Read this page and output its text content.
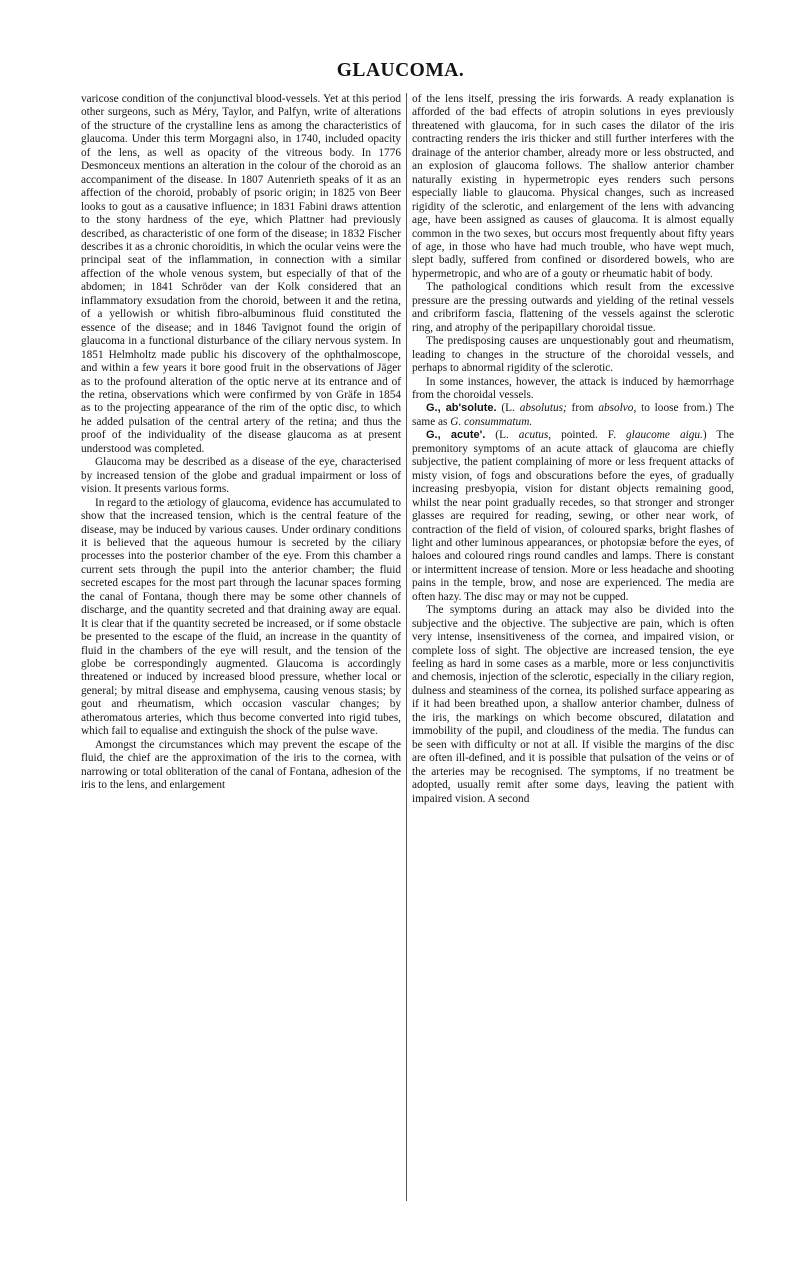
GLAUCOMA.

varicose condition of the conjunctival blood-vessels. Yet at this period other surgeons, such as Méry, Taylor, and Palfyn, write of alterations of the structure of the crystalline lens as among the characteristics of glaucoma. Under this term Morgagni also, in 1740, included opacity of the lens, as well as opacity of the vitreous body. In 1776 Desmonceux mentions an alteration in the colour of the choroid as an accompaniment of the disease. In 1807 Autenrieth speaks of it as an affection of the choroid, probably of psoric origin; in 1825 von Beer looks to gout as a causative influence; in 1831 Fabini draws attention to the stony hardness of the eye, which Plattner had previously described, as characteristic of one form of the disease; in 1832 Fischer describes it as a chronic choroiditis, in which the ocular veins were the principal seat of the inflammation, in connection with a similar affection of the whole venous system, but especially of that of the abdomen; in 1841 Schröder van der Kolk considered that an inflammatory exsudation from the choroid, between it and the retina, of a yellowish or whitish fibro-albuminous fluid constituted the essence of the disease; and in 1846 Tavignot found the origin of glaucoma in a functional disturbance of the ciliary nervous system. In 1851 Helmholtz made public his discovery of the ophthalmoscope, and within a few years it bore good fruit in the observations of Jäger as to the profound alteration of the optic nerve at its entrance and of the retina, observations which were confirmed by von Gräfe in 1854 as to the projecting appearance of the rim of the optic disc, to which he added pulsation of the central artery of the retina; and thus the proof of the individuality of the disease glaucoma as at present understood was completed.

Glaucoma may be described as a disease of the eye, characterised by increased tension of the globe and gradual impairment or loss of vision. It presents various forms.

In regard to the ætiology of glaucoma, evidence has accumulated to show that the increased tension, which is the central feature of the disease, may be induced by various causes. Under ordinary conditions it is believed that the aqueous humour is secreted by the ciliary processes into the posterior chamber of the eye. From this chamber a current sets through the pupil into the anterior chamber; the fluid secreted escapes for the most part through the lacunar spaces forming the canal of Fontana, though there may be some other channels of discharge, and the quantity secreted and that draining away are equal. It is clear that if the quantity secreted be increased, or if some obstacle be presented to the escape of the fluid, an increase in the quantity of fluid in the chambers of the eye will result, and the tension of the globe be correspondingly augmented. Glaucoma is accordingly threatened or induced by increased blood pressure, whether local or general; by mitral disease and emphysema, causing venous stasis; by gout and rheumatism, which occasion vascular changes; by atheromatous arteries, which thus become converted into rigid tubes, which fail to equalise and extinguish the shock of the pulse wave.

Amongst the circumstances which may prevent the escape of the fluid, the chief are the approximation of the iris to the cornea, with narrowing or total obliteration of the canal of Fontana, adhesion of the iris to the lens, and enlargement

of the lens itself, pressing the iris forwards. A ready explanation is afforded of the bad effects of atropin solutions in eyes previously threatened with glaucoma, for in such cases the dilator of the iris contracting renders the iris thicker and still further interferes with the drainage of the anterior chamber, already more or less obstructed, and an explosion of glaucoma follows. The shallow anterior chamber naturally existing in hypermetropic eyes renders such persons especially liable to glaucoma. Physical changes, such as increased rigidity of the sclerotic, and enlargement of the lens with advancing age, have been assigned as causes of glaucoma. It is almost equally common in the two sexes, but occurs most frequently about fifty years of age, in those who have had much trouble, who have wept much, slept badly, suffered from confined or disordered bowels, who are hypermetropic, and who are of a gouty or rheumatic habit of body.

The pathological conditions which result from the excessive pressure are the pressing outwards and yielding of the retinal vessels and cribriform fascia, flattening of the vessels against the sclerotic ring, and atrophy of the peripapillary choroidal tissue.

The predisposing causes are unquestionably gout and rheumatism, leading to changes in the structure of the choroidal vessels, and perhaps to abnormal rigidity of the sclerotic.

In some instances, however, the attack is induced by hæmorrhage from the choroidal vessels.

G., ab'solute. (L. absolutus; from absolvo, to loose from.) The same as G. consummatum.

G., acute'. (L. acutus, pointed. F. glaucome aigu.) The premonitory symptoms of an acute attack of glaucoma are chiefly subjective, the patient complaining of more or less frequent attacks of misty vision, of fogs and obscurations before the eyes, of gradually increasing presbyopia, vision for distant objects remaining good, whilst the near point gradually recedes, so that stronger and stronger glasses are required for reading, sewing, or other near work, of contraction of the field of vision, of coloured sparks, bright flashes of light and other luminous appearances, or photopsiæ before the eyes, of haloes and coloured rings round candles and lamps. There is constant or intermittent increase of tension. More or less headache and shooting pains in the temple, brow, and nose are experienced. The media are often hazy. The disc may or may not be cupped.

The symptoms during an attack may also be divided into the subjective and the objective. The subjective are pain, which is often very intense, insensitiveness of the cornea, and impaired vision, or complete loss of sight. The objective are increased tension, the eye feeling as hard in some cases as a marble, more or less conjunctivitis and chemosis, injection of the sclerotic, especially in the ciliary region, dulness and steaminess of the cornea, its polished surface appearing as if it had been breathed upon, a shallow anterior chamber, dulness of the iris, the markings on which become obscured, dilatation and immobility of the pupil, and cloudiness of the media. The fundus can be seen with difficulty or not at all. If visible the margins of the disc are often ill-defined, and it is possible that pulsation of the veins or of the arteries may be recognised. The symptoms, if no treatment be adopted, usually remit after some days, leaving the patient with impaired vision. A second
